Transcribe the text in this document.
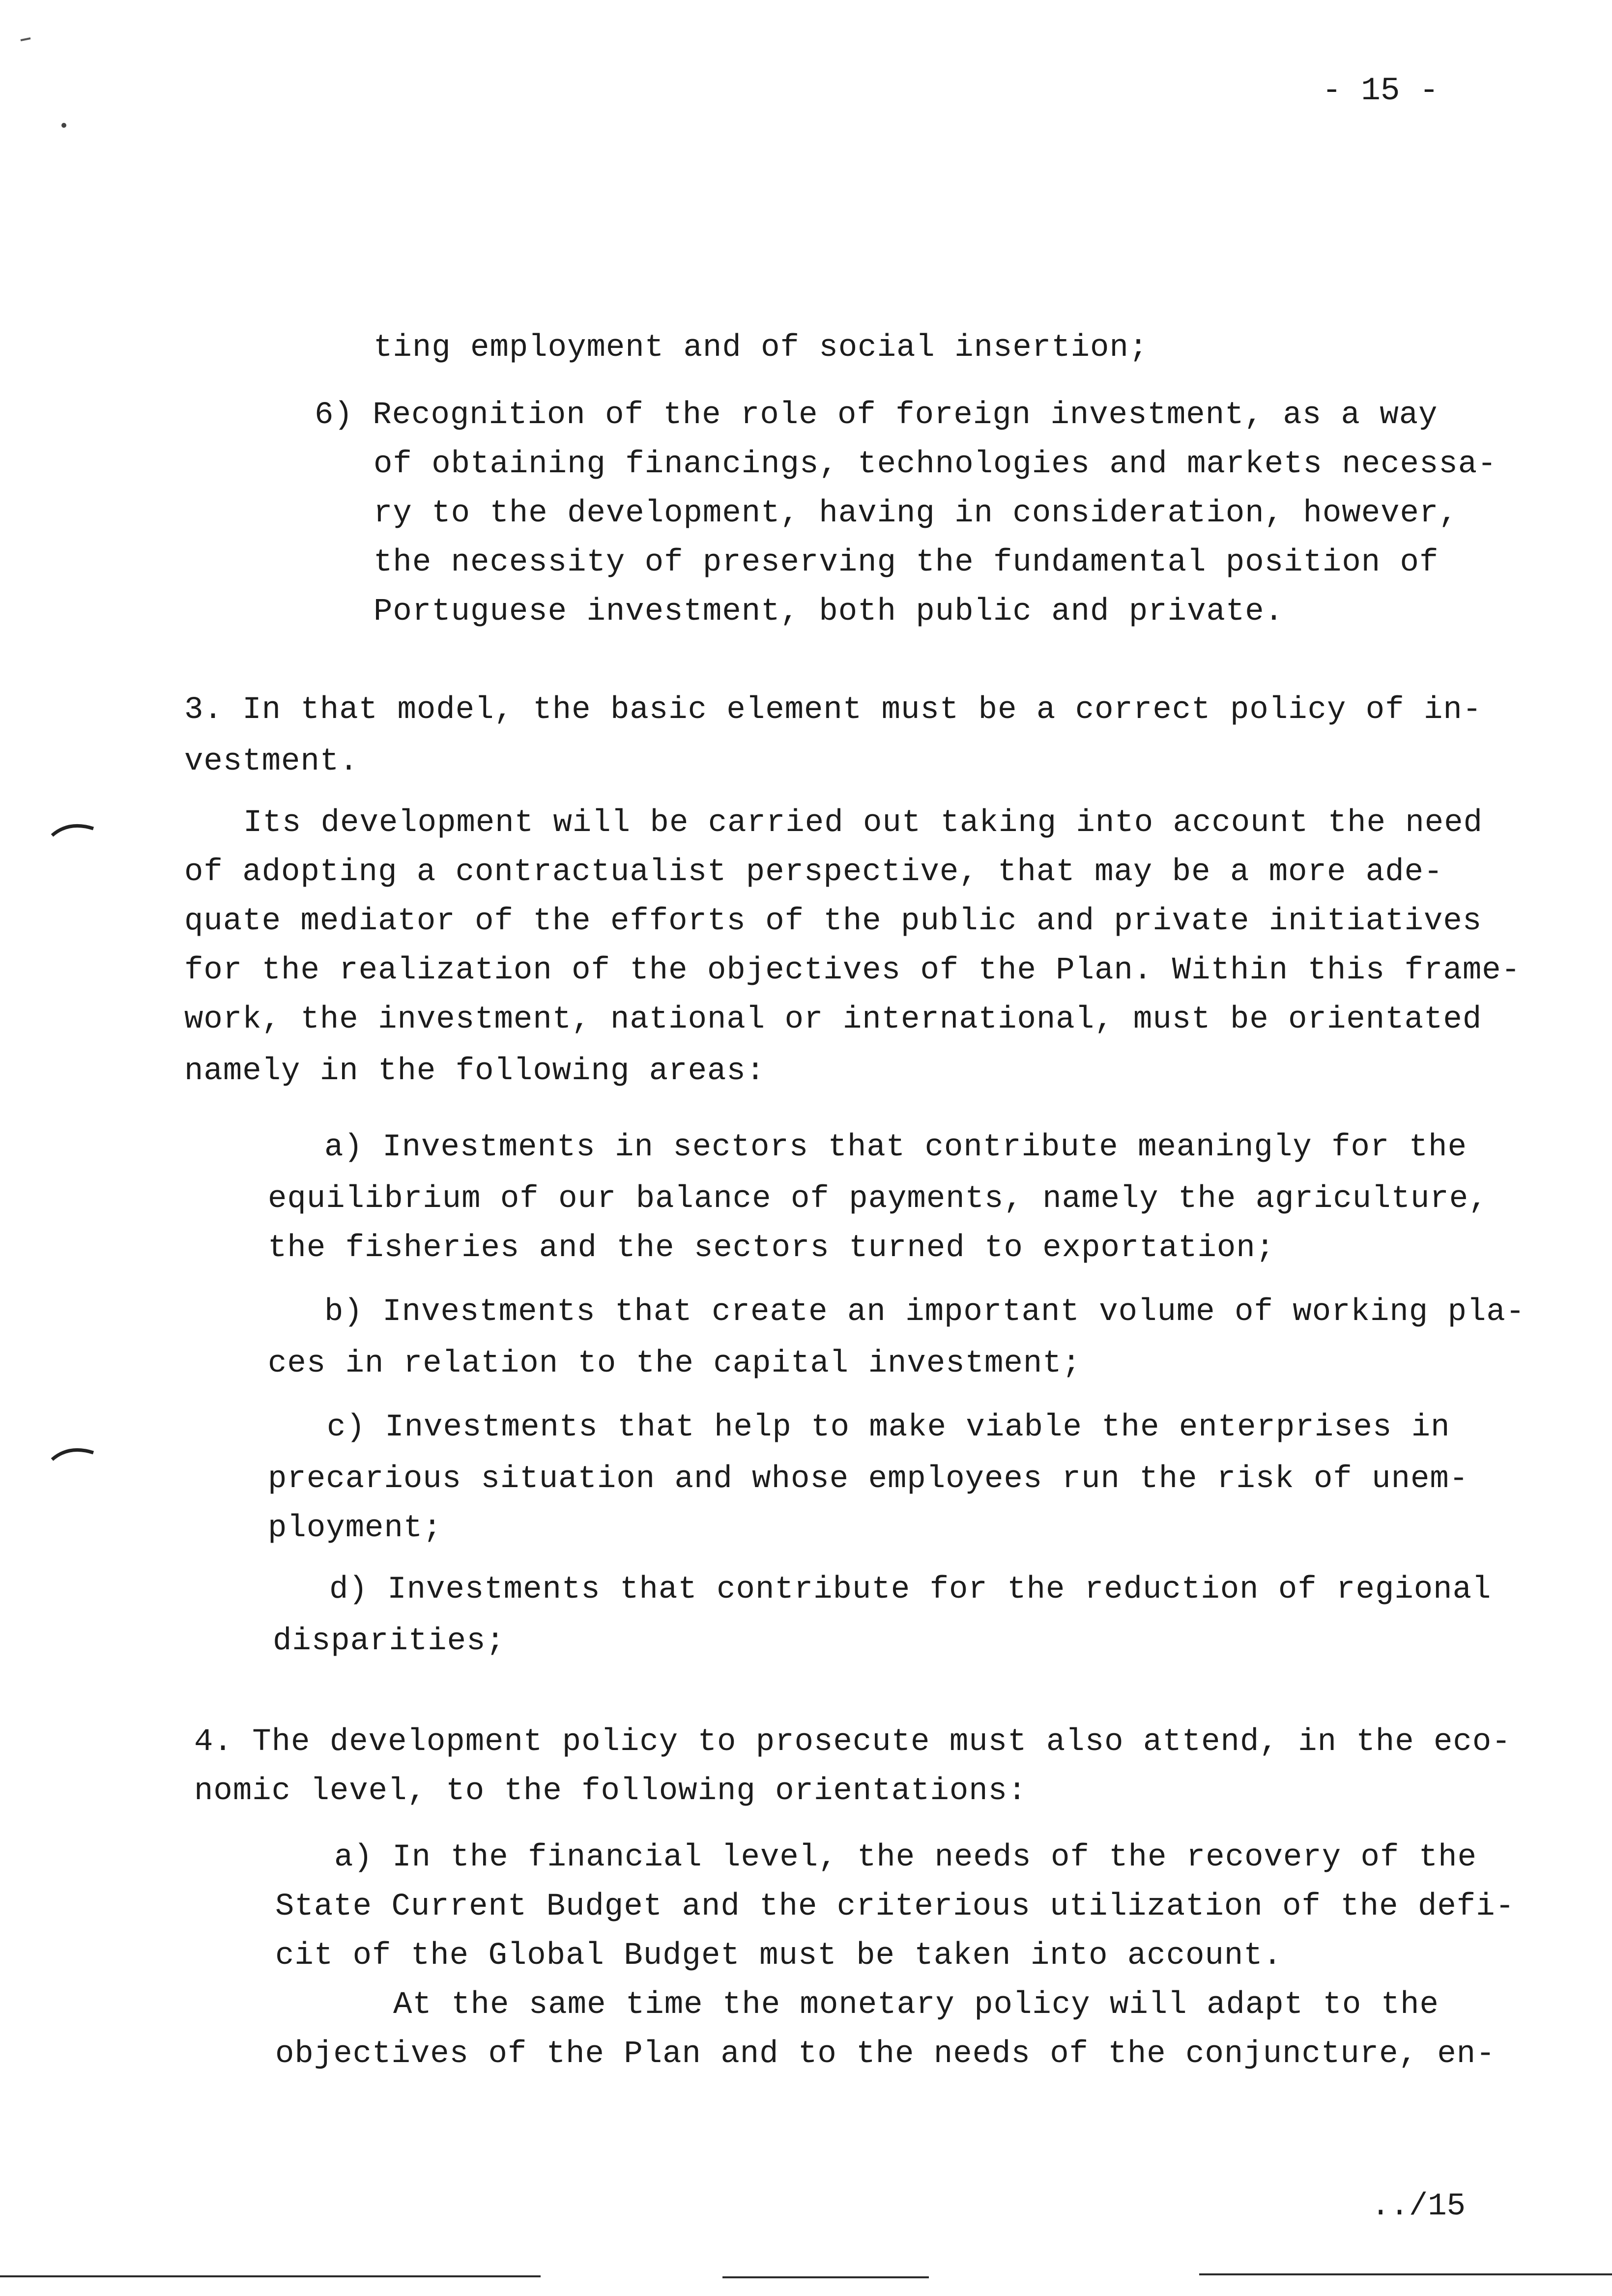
- 15 -
ting employment and of social insertion;
6) Recognition of the role of foreign investment, as a way
of obtaining financings, technologies and markets necessa-
ry to the development, having in consideration, however,
the necessity of preserving the fundamental position of
Portuguese investment, both public and private.
3. In that model, the basic element must be a correct policy of in-
vestment.
Its development will be carried out taking into account the need
of adopting a contractualist perspective, that may be a more ade-
quate mediator of the efforts of the public and private initiatives
for the realization of the objectives of the Plan. Within this frame-
work, the investment, national or international, must be orientated
namely in the following areas:
a) Investments in sectors that contribute meaningly for the
equilibrium of our balance of payments, namely the agriculture,
the fisheries and the sectors turned to exportation;
b) Investments that create an important volume of working pla-
ces in relation to the capital investment;
c) Investments that help to make viable the enterprises in
precarious situation and whose employees run the risk of unem-
ployment;
d) Investments that contribute for the reduction of regional
disparities;
4. The development policy to prosecute must also attend, in the eco-
nomic level, to the following orientations:
a) In the financial level, the needs of the recovery of the
State Current Budget and the criterious utilization of the defi-
cit of the Global Budget must be taken into account.
At the same time the monetary policy will adapt to the
objectives of the Plan and to the needs of the conjuncture, en-
../15
